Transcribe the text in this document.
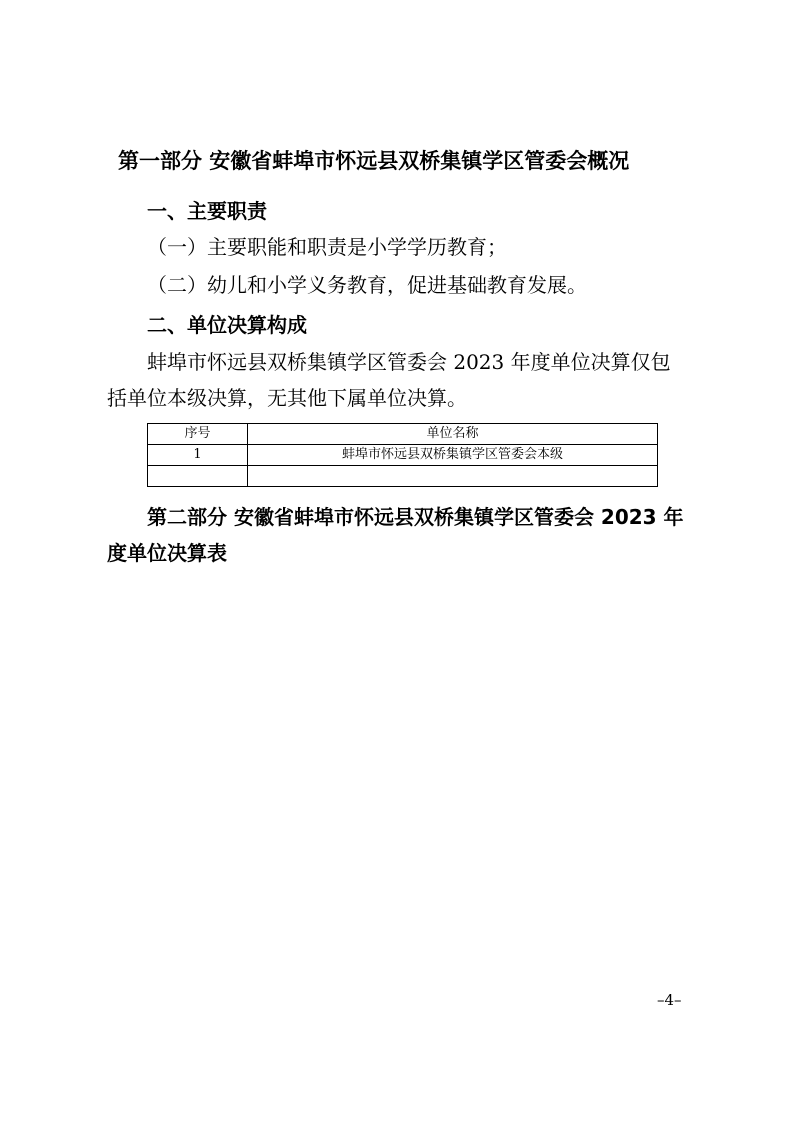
第一部分 安徽省蚌埠市怀远县双桥集镇学区管委会概况

一、主要职责

（一）主要职能和职责是小学学历教育；

（二）幼儿和小学义务教育，促进基础教育发展。

二、单位决算构成

蚌埠市怀远县双桥集镇学区管委会 2023 年度单位决算仅包

括单位本级决算，无其他下属单位决算。

序号	单位名称
1	蚌埠市怀远县双桥集镇学区管委会本级

第二部分 安徽省蚌埠市怀远县双桥集镇学区管委会 2023 年

度单位决算表

–4–
